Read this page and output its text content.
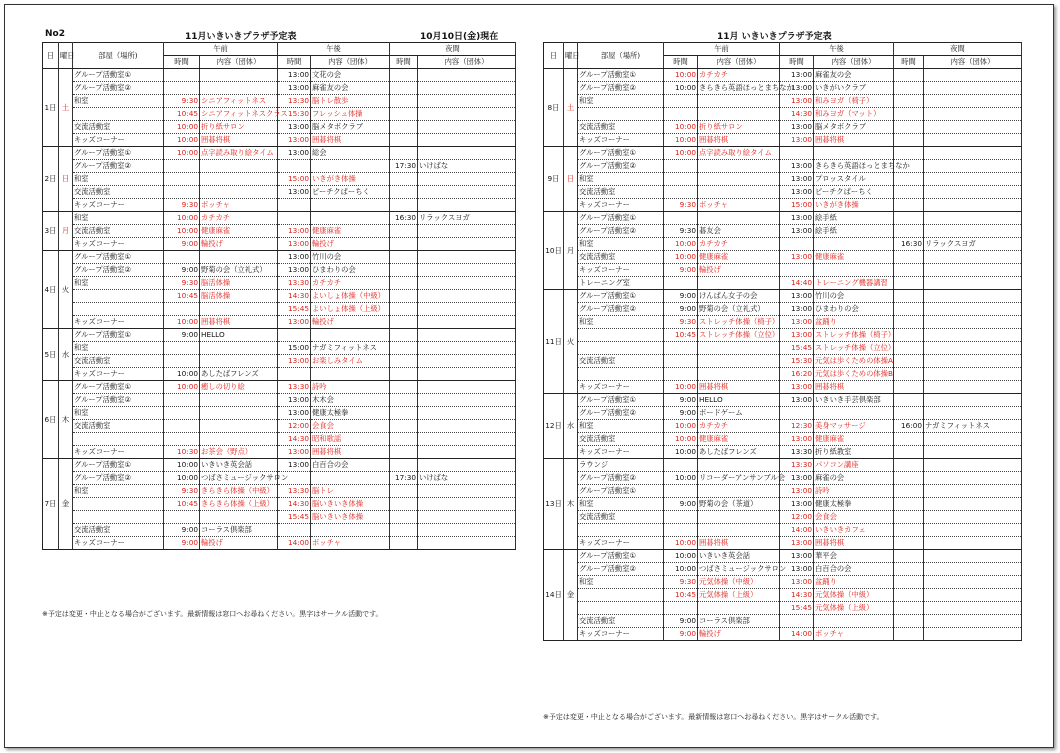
No2	11月いきいきプラザ予定表	10月10日(金)現在	11月 いきいきプラザ予定表
日	曜日	部屋（場所)	午前		午後		夜間	
			時間	内容（団体）	時間	内容（団体）	時間	内容（団体）
1日	土	グループ活動室①			13:00	文花の会		
		グループ活動室②			13:00	麻雀友の会		
		和室	9:30	シニアフィットネス	13:30	脳トレ散歩		
			10:45	シニアフィットネスクラス	15:30	フレッシュ体操		
		交流活動室	10:00	折り紙サロン	13:00	脳メタボクラブ		
		キッズコーナー	10:00	囲碁将棋	13:00	囲碁将棋		
2日	日	グループ活動室①	10:00	点字読み取り絵タイム	13:00	総会		
		グループ活動室②					17:30	いけばな
		和室			15:00	いきがき体操		
		交流活動室			13:00	ピーチクぱーちく		
		キッズコーナー	9:30	ボッチャ				
3日	月	和室	10:00	カチカチ			16:30	リラックスヨガ
		交流活動室	10:00	健康麻雀	13:00	健康麻雀		
		キッズコーナー	9:00	輪投げ	13:00	輪投げ		
4日	火	グループ活動室①			13:00	竹川の会		
		グループ活動室②	9:00	野菊の会（立礼式）	13:00	ひまわりの会		
		和室	9:30	脳活体操	13:30	カチカチ		
			10:45	脳活体操	14:30	よいしょ体操（中級）		
					15:45	よいしょ体操（上級）		
		キッズコーナー	10:00	囲碁将棋	13:00	輪投げ		
5日	水	グループ活動室①	9:00	HELLO				
		和室			15:00	ナガミフィットネス		
		交流活動室			13:00	お楽しみタイム		
		キッズコーナー	10:00	あしたばフレンズ				
6日	木	グループ活動室①	10:00	癒しの切り絵	13:30	詩吟		
		グループ活動室②			13:00	木木会		
		和室			13:00	健康太極拳		
		交流活動室			12:00	会食会		
					14:30	昭和歌謡		
		キッズコーナー	10:30	お茶会（野点）	13:00	囲碁将棋		
7日	金	グループ活動室①	10:00	いきいき英会話	13:00	白百合の会		
		グループ活動室②	10:00	つばさミュージックサロン			17:30	いけばな
		和室	9:30	きらきら体操（中級）	13:30	脳トレ		
			10:45	きらきら体操（上級）	14:30	脳いきいき体操		
					15:45	脳いきいき体操		
		交流活動室	9:00	コーラス倶楽部				
		キッズコーナー	9:00	輪投げ	14:00	ボッチャ		
日	曜日	部屋（場所)	午前		午後		夜間	
			時間	内容（団体）	時間	内容（団体）	時間	内容（団体）
8日	土	グループ活動室①	10:00	カチカチ	13:00	麻雀友の会		
		グループ活動室②	10:00	きらきら英語ほっとまちなか	13:00	いきがいクラブ		
		和室			13:00	和みヨガ（椅子）		
					14:30	和みヨガ（マット）		
		交流活動室	10:00	折り紙サロン	13:00	脳メタボクラブ		
		キッズコーナー	10:00	囲碁将棋	13:00	囲碁将棋		
9日	日	グループ活動室①	10:00	点字読み取り絵タイム				
		グループ活動室②			13:00	きらきら英語ほっとまちなか		
		和室			13:00	プロッスタイル		
		交流活動室			13:00	ピーチクぱーちく		
		キッズコーナー	9:30	ボッチャ	15:00	いきがき体操		
10日	月	グループ活動室①			13:00	絵手紙		
		グループ活動室②	9:30	碁友会	13:00	絵手紙		
		和室	10:00	カチカチ			16:30	リラックスヨガ
		交流活動室	10:00	健康麻雀	13:00	健康麻雀		
		キッズコーナー	9:00	輪投げ				
		トレーニング室			14:40	トレーニング機器講習		
11日	火	グループ活動室①	9:00	けんぱん女子の会	13:00	竹川の会		
		グループ活動室②	9:00	野菊の会（立礼式）	13:00	ひまわりの会		
		和室	9:30	ストレッチ体操（椅子）	13:00	盆踊り		
			10:45	ストレッチ体操（立位）	13:00	ストレッチ体操（椅子）		
					15:45	ストレッチ体操（立位）		
		交流活動室			15:30	元気は歩くための体操A		
					16:20	元気は歩くための体操B		
		キッズコーナー	10:00	囲碁将棋	13:00	囲碁将棋		
12日	水	グループ活動室①	9:00	HELLO	13:00	いきいき手芸倶楽部		
		グループ活動室②	9:00	ボードゲーム				
		和室	10:00	カチカチ	12:30	美身マッサージ	16:00	ナガミフィットネス
		交流活動室	10:00	健康麻雀	13:00	健康麻雀		
		キッズコーナー	10:00	あしたばフレンズ	13:30	折り紙教室		
13日	木	ラウンジ			13:30	パソコン講座		
		グループ活動室②	10:00	リコーダーアンサンブル会	13:00	麻雀の会		
		グループ活動室①			13:00	詩吟		
		和室	9:00	野菊の会（茶道）	13:00	健康太極拳		
		交流活動室			12:00	会食会		
					14:00	いきいきカフェ		
		キッズコーナー	10:00	囲碁将棋	13:00	囲碁将棋		
14日	金	グループ活動室①	10:00	いきいき英会話	13:00	華平会		
		グループ活動室②	10:00	つばさミュージックサロン	13:00	白百合の会		
		和室	9:30	元気体操（中級）	13:00	盆踊り		
			10:45	元気体操（上級）	14:30	元気体操（中級）		
					15:45	元気体操（上級）		
		交流活動室	9:00	コーラス倶楽部				
		キッズコーナー	9:00	輪投げ	14:00	ボッチャ		
※予定は変更・中止となる場合がございます。最新情報は窓口へお尋ねください。黒字はサークル活動です。
※予定は変更・中止となる場合がございます。最新情報は窓口へお尋ねください。黒字はサークル活動です。
